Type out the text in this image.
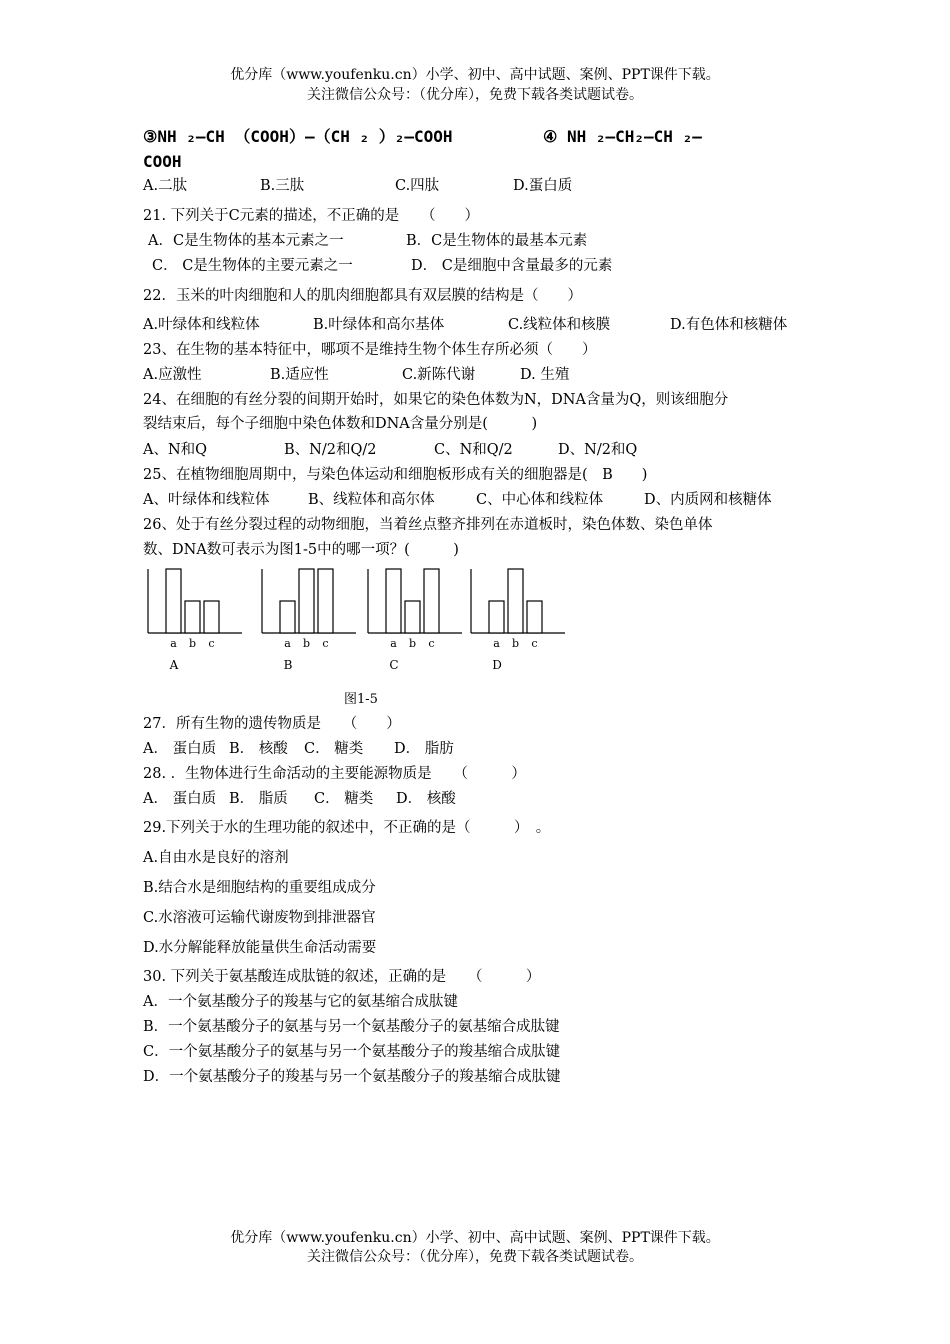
优分库（www.youfenku.cn）小学、初中、高中试题、案例、PPT课件下载。
关注微信公众号：（优分库），免费下载各类试题试卷。
③NH ₂—CH （COOH）—（CH ₂ ）₂—COOH	④ NH ₂—CH₂—CH ₂—
COOH
A.二肽	B.三肽	C.四肽	D.蛋白质
21. 下列关于C元素的描述，不正确的是　　（　　）
A．C是生物体的基本元素之一	B．C是生物体的最基本元素
C． C是生物体的主要元素之一	D． C是细胞中含量最多的元素
22．玉米的叶肉细胞和人的肌肉细胞都具有双层膜的结构是（　　）
A.叶绿体和线粒体	B.叶绿体和高尔基体	C.线粒体和核膜	D.有色体和核糖体
23、在生物的基本特征中，哪项不是维持生物个体生存所必须（　　）
A.应激性	B.适应性	C.新陈代谢	D. 生殖
24、在细胞的有丝分裂的间期开始时，如果它的染色体数为N，DNA含量为Q，则该细胞分
裂结束后，每个子细胞中染色体数和DNA含量分别是(　　　)
A、N和Q	B、N/2和Q/2	C、N和Q/2	D、N/2和Q
25、在植物细胞周期中，与染色体运动和细胞板形成有关的细胞器是(　B　　)
A、叶绿体和线粒体	B、线粒体和高尔体	C、中心体和线粒体	D、内质网和核糖体
26、处于有丝分裂过程的动物细胞，当着丝点整齐排列在赤道板时，染色体数、染色单体
数、DNA数可表示为图1-5中的哪一项？(　　　)
a b c
A
a b c
B
a b c
C
a b c
D
图1-5
27．所有生物的遗传物质是　　（　　）
A． 蛋白质 B． 核酸 C． 糖类 D． 脂肪
28. ．生物体进行生命活动的主要能源物质是　　（　　　）
A． 蛋白质 B． 脂质 C． 糖类 D． 核酸
29.下列关于水的生理功能的叙述中，不正确的是（　　　）　。
A.自由水是良好的溶剂
B.结合水是细胞结构的重要组成成分
C.水溶液可运输代谢废物到排泄器官
D.水分解能释放能量供生命活动需要
30. 下列关于氨基酸连成肽链的叙述，正确的是　　（　　　）
A．一个氨基酸分子的羧基与它的氨基缩合成肽键
B．一个氨基酸分子的氨基与另一个氨基酸分子的氨基缩合成肽键
C．一个氨基酸分子的氨基与另一个氨基酸分子的羧基缩合成肽键
D．一个氨基酸分子的羧基与另一个氨基酸分子的羧基缩合成肽键
优分库（www.youfenku.cn）小学、初中、高中试题、案例、PPT课件下载。
关注微信公众号：（优分库），免费下载各类试题试卷。
